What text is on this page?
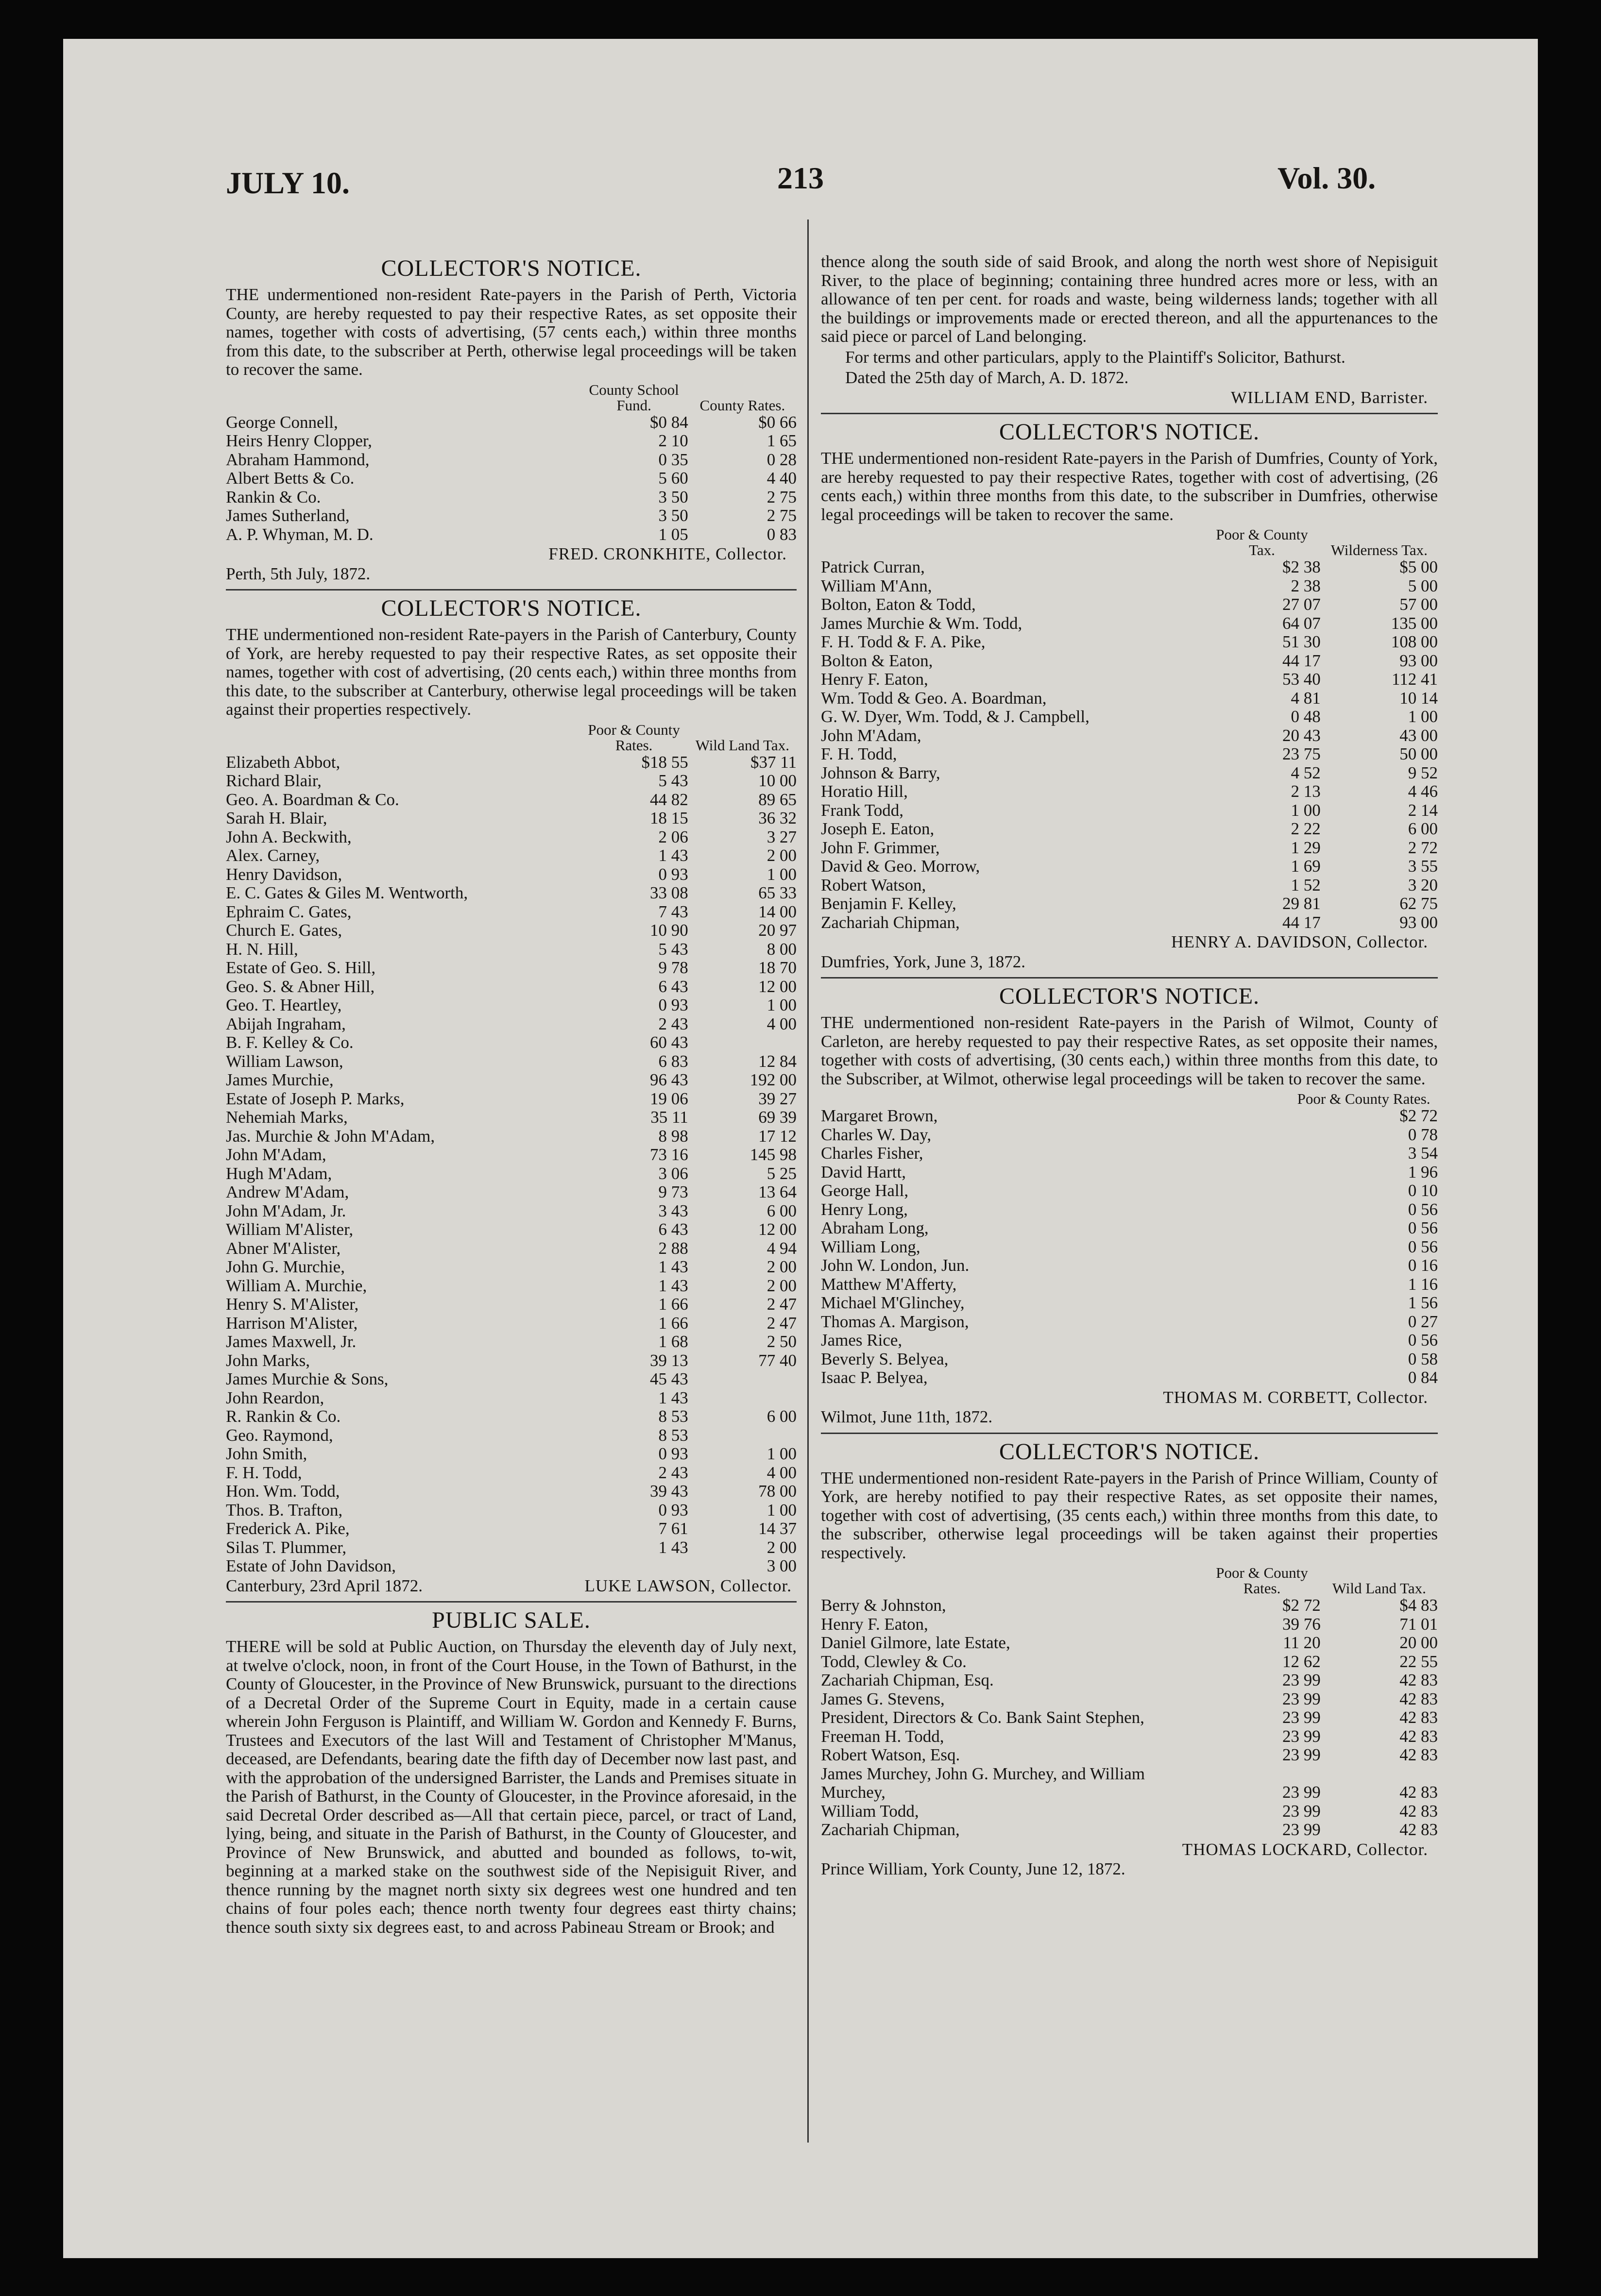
JULY 10.	213	Vol. 30.
COLLECTOR'S NOTICE.

THE undermentioned non-resident Rate-payers in the Parish of Perth, Victoria County, are hereby requested to pay their respective Rates, as set opposite their names, together with costs of advertising, (57 cents each,) within three months from this date, to the subscriber at Perth, otherwise legal proceedings will be taken to recover the same.

	County School Fund.	County Rates.
George Connell,	$0 84	$0 66
Heirs Henry Clopper,	2 10	1 65
Abraham Hammond,	0 35	0 28
Albert Betts & Co.	5 60	4 40
Rankin & Co.	3 50	2 75
James Sutherland,	3 50	2 75
A. P. Whyman, M. D.	1 05	0 83
FRED. CRONKHITE, Collector.
Perth, 5th July, 1872.
COLLECTOR'S NOTICE.

THE undermentioned non-resident Rate-payers in the Parish of Canterbury, County of York, are hereby requested to pay their respective Rates, as set opposite their names, together with cost of advertising, (20 cents each,) within three months from this date, to the subscriber at Canterbury, otherwise legal proceedings will be taken against their properties respectively.

	Poor & County Rates.	Wild Land Tax.
Elizabeth Abbot,	$18 55	$37 11
Richard Blair,	5 43	10 00
Geo. A. Boardman & Co.	44 82	89 65
Sarah H. Blair,	18 15	36 32
John A. Beckwith,	2 06	3 27
Alex. Carney,	1 43	2 00
Henry Davidson,	0 93	1 00
E. C. Gates & Giles M. Wentworth,	33 08	65 33
Ephraim C. Gates,	7 43	14 00
Church E. Gates,	10 90	20 97
H. N. Hill,	5 43	8 00
Estate of Geo. S. Hill,	9 78	18 70
Geo. S. & Abner Hill,	6 43	12 00
Geo. T. Heartley,	0 93	1 00
Abijah Ingraham,	2 43	4 00
B. F. Kelley & Co.	60 43	
William Lawson,	6 83	12 84
James Murchie,	96 43	192 00
Estate of Joseph P. Marks,	19 06	39 27
Nehemiah Marks,	35 11	69 39
Jas. Murchie & John M'Adam,	8 98	17 12
John M'Adam,	73 16	145 98
Hugh M'Adam,	3 06	5 25
Andrew M'Adam,	9 73	13 64
John M'Adam, Jr.	3 43	6 00
William M'Alister,	6 43	12 00
Abner M'Alister,	2 88	4 94
John G. Murchie,	1 43	2 00
William A. Murchie,	1 43	2 00
Henry S. M'Alister,	1 66	2 47
Harrison M'Alister,	1 66	2 47
James Maxwell, Jr.	1 68	2 50
John Marks,	39 13	77 40
James Murchie & Sons,	45 43	
John Reardon,	1 43	
R. Rankin & Co.	8 53	6 00
Geo. Raymond,	8 53	
John Smith,	0 93	1 00
F. H. Todd,	2 43	4 00
Hon. Wm. Todd,	39 43	78 00
Thos. B. Trafton,	0 93	1 00
Frederick A. Pike,	7 61	14 37
Silas T. Plummer,	1 43	2 00
Estate of John Davidson,		3 00
Canterbury, 23rd April 1872.	LUKE LAWSON, Collector.
PUBLIC SALE.

THERE will be sold at Public Auction, on Thursday the eleventh day of July next, at twelve o'clock, noon, in front of the Court House, in the Town of Bathurst, in the County of Gloucester, in the Province of New Brunswick, pursuant to the directions of a Decretal Order of the Supreme Court in Equity, made in a certain cause wherein John Ferguson is Plaintiff, and William W. Gordon and Kennedy F. Burns, Trustees and Executors of the last Will and Testament of Christopher M'Manus, deceased, are Defendants, bearing date the fifth day of December now last past, and with the approbation of the undersigned Barrister, the Lands and Premises situate in the Parish of Bathurst, in the County of Gloucester, in the Province aforesaid, in the said Decretal Order described as—All that certain piece, parcel, or tract of Land, lying, being, and situate in the Parish of Bathurst, in the County of Gloucester, and Province of New Brunswick, and abutted and bounded as follows, to-wit, beginning at a marked stake on the southwest side of the Nepisiguit River, and thence running by the magnet north sixty six degrees west one hundred and ten chains of four poles each; thence north twenty four degrees east thirty chains; thence south sixty six degrees east, to and across Pabineau Stream or Brook; and

thence along the south side of said Brook, and along the north west shore of Nepisiguit River, to the place of beginning; containing three hundred acres more or less, with an allowance of ten per cent. for roads and waste, being wilderness lands; together with all the buildings or improvements made or erected thereon, and all the appurtenances to the said piece or parcel of Land belonging.

For terms and other particulars, apply to the Plaintiff's Solicitor, Bathurst.

Dated the 25th day of March, A. D. 1872.

WILLIAM END, Barrister.
COLLECTOR'S NOTICE.

THE undermentioned non-resident Rate-payers in the Parish of Dumfries, County of York, are hereby requested to pay their respective Rates, together with cost of advertising, (26 cents each,) within three months from this date, to the subscriber in Dumfries, otherwise legal proceedings will be taken to recover the same.

	Poor & County Tax.	Wilderness Tax.
Patrick Curran,	$2 38	$5 00
William M'Ann,	2 38	5 00
Bolton, Eaton & Todd,	27 07	57 00
James Murchie & Wm. Todd,	64 07	135 00
F. H. Todd & F. A. Pike,	51 30	108 00
Bolton & Eaton,	44 17	93 00
Henry F. Eaton,	53 40	112 41
Wm. Todd & Geo. A. Boardman,	4 81	10 14
G. W. Dyer, Wm. Todd, & J. Campbell,	0 48	1 00
John M'Adam,	20 43	43 00
F. H. Todd,	23 75	50 00
Johnson & Barry,	4 52	9 52
Horatio Hill,	2 13	4 46
Frank Todd,	1 00	2 14
Joseph E. Eaton,	2 22	6 00
John F. Grimmer,	1 29	2 72
David & Geo. Morrow,	1 69	3 55
Robert Watson,	1 52	3 20
Benjamin F. Kelley,	29 81	62 75
Zachariah Chipman,	44 17	93 00
HENRY A. DAVIDSON, Collector.
Dumfries, York, June 3, 1872.
COLLECTOR'S NOTICE.

THE undermentioned non-resident Rate-payers in the Parish of Wilmot, County of Carleton, are hereby requested to pay their respective Rates, as set opposite their names, together with costs of advertising, (30 cents each,) within three months from this date, to the Subscriber, at Wilmot, otherwise legal proceedings will be taken to recover the same.

	Poor & County Rates.
Margaret Brown,	$2 72
Charles W. Day,	0 78
Charles Fisher,	3 54
David Hartt,	1 96
George Hall,	0 10
Henry Long,	0 56
Abraham Long,	0 56
William Long,	0 56
John W. London, Jun.	0 16
Matthew M'Afferty,	1 16
Michael M'Glinchey,	1 56
Thomas A. Margison,	0 27
James Rice,	0 56
Beverly S. Belyea,	0 58
Isaac P. Belyea,	0 84
THOMAS M. CORBETT, Collector.
Wilmot, June 11th, 1872.
COLLECTOR'S NOTICE.

THE undermentioned non-resident Rate-payers in the Parish of Prince William, County of York, are hereby notified to pay their respective Rates, as set opposite their names, together with cost of advertising, (35 cents each,) within three months from this date, to the subscriber, otherwise legal proceedings will be taken against their properties respectively.

	Poor & County Rates.	Wild Land Tax.
Berry & Johnston,	$2 72	$4 83
Henry F. Eaton,	39 76	71 01
Daniel Gilmore, late Estate,	11 20	20 00
Todd, Clewley & Co.	12 62	22 55
Zachariah Chipman, Esq.	23 99	42 83
James G. Stevens,	23 99	42 83
President, Directors & Co. Bank Saint Stephen,	23 99	42 83
Freeman H. Todd,	23 99	42 83
Robert Watson, Esq.	23 99	42 83
James Murchey, John G. Murchey, and William Murchey,	23 99	42 83
William Todd,	23 99	42 83
Zachariah Chipman,	23 99	42 83
THOMAS LOCKARD, Collector.
Prince William, York County, June 12, 1872.
